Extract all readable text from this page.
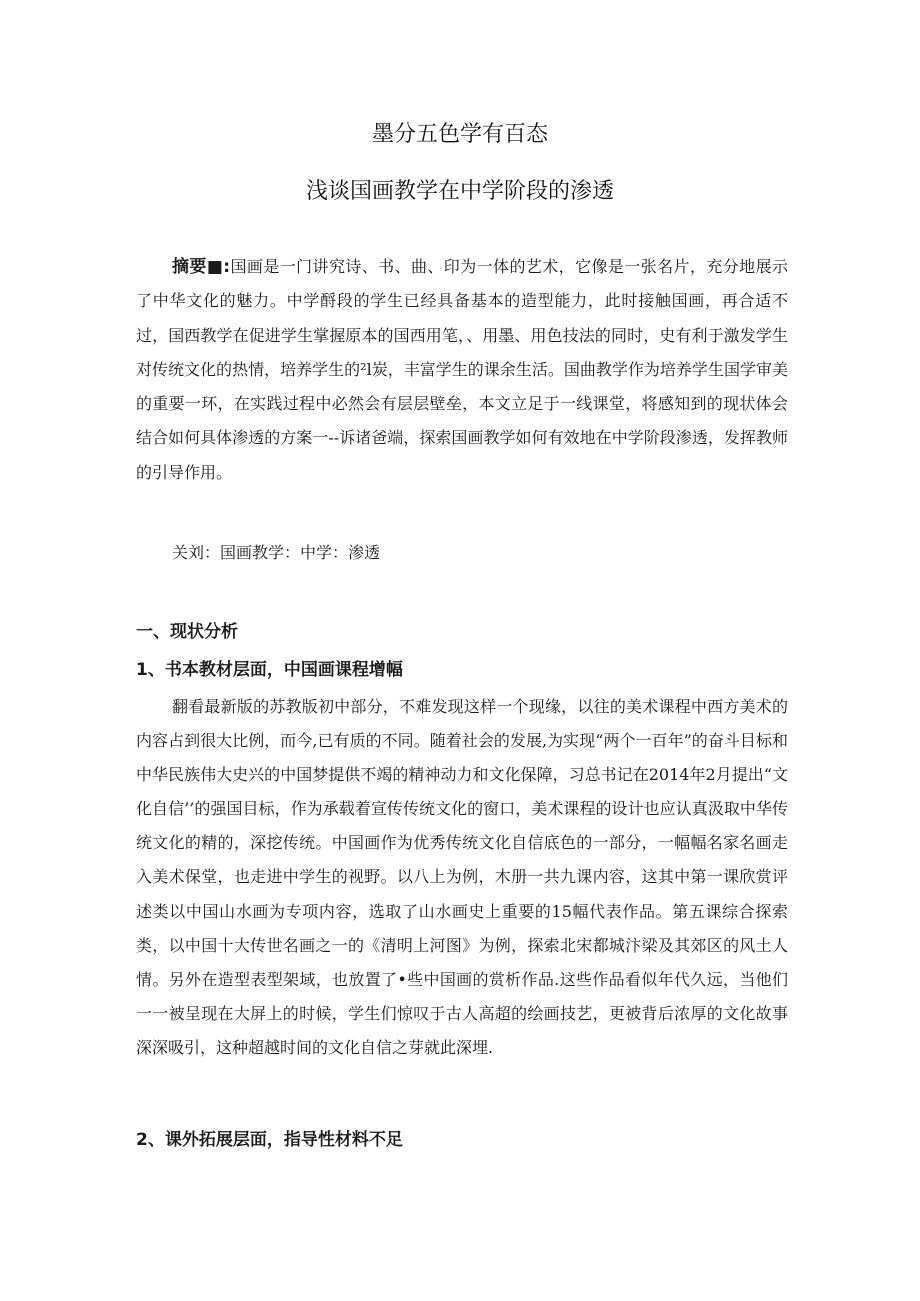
墨分五色学有百态
浅谈国画教学在中学阶段的渗透

摘要■:国画是一门讲究诗、书、曲、印为一体的艺术，它像是一张名片，充分地展示了中华文化的魅力。中学酹段的学生已经具备基本的造型能力，此时接触国画，再合适不过，国西教学在促进学生掌握原本的国西用笔，、用墨、用色技法的同时，史有利于激发学生对传统文化的热情，培养学生的²l炭，丰富学生的课余生活。国曲教学作为培养学生国学审美的重要一环，在实践过程中必然会有层层壁垒，本文立足于一线课堂，将感知到的现状体会结合如何具体渗透的方案一--诉诸爸端，探索国画教学如何有效地在中学阶段渗透，发挥教师的引导作用。

关刘：国画教学：中学：渗透

一、现状分析
1、书本教材层面，中国画课程增幅

翻看最新版的苏教版初中部分，不难发现这样一个现缘，以往的美术课程中西方美术的内容占到很大比例，而今,已有质的不同。随着社会的发展,为实现“两个一百年”的奋斗目标和中华民族伟大史兴的中国梦提供不竭的精神动力和文化保障，习总书记在2014年2月提出“文化自信’’的强国目标，作为承载着宣传传统文化的窗口，美术课程的设计也应认真汲取中华传统文化的精的，深挖传统。中国画作为优秀传统文化自信底色的一部分，一幅幅名家名画走入美术保堂，也走进中学生的视野。以八上为例，木册一共九课内容，这其中第一课欣赏评述类以中国山水画为专项内容，选取了山水画史上重要的15幅代表作品。第五课综合探索类，以中国十大传世名画之一的《清明上河图》为例，探索北宋都城汴梁及其郊区的风土人情。另外在造型表型架域，也放置了•些中国画的赏析作品.这些作品看似年代久远，当他们一一被呈现在大屏上的时候，学生们惊叹于古人高超的绘画技艺，更被背后浓厚的文化故事深深吸引，这种超越时间的文化自信之芽就此深埋.

2、课外拓展层面，指导性材料不足
